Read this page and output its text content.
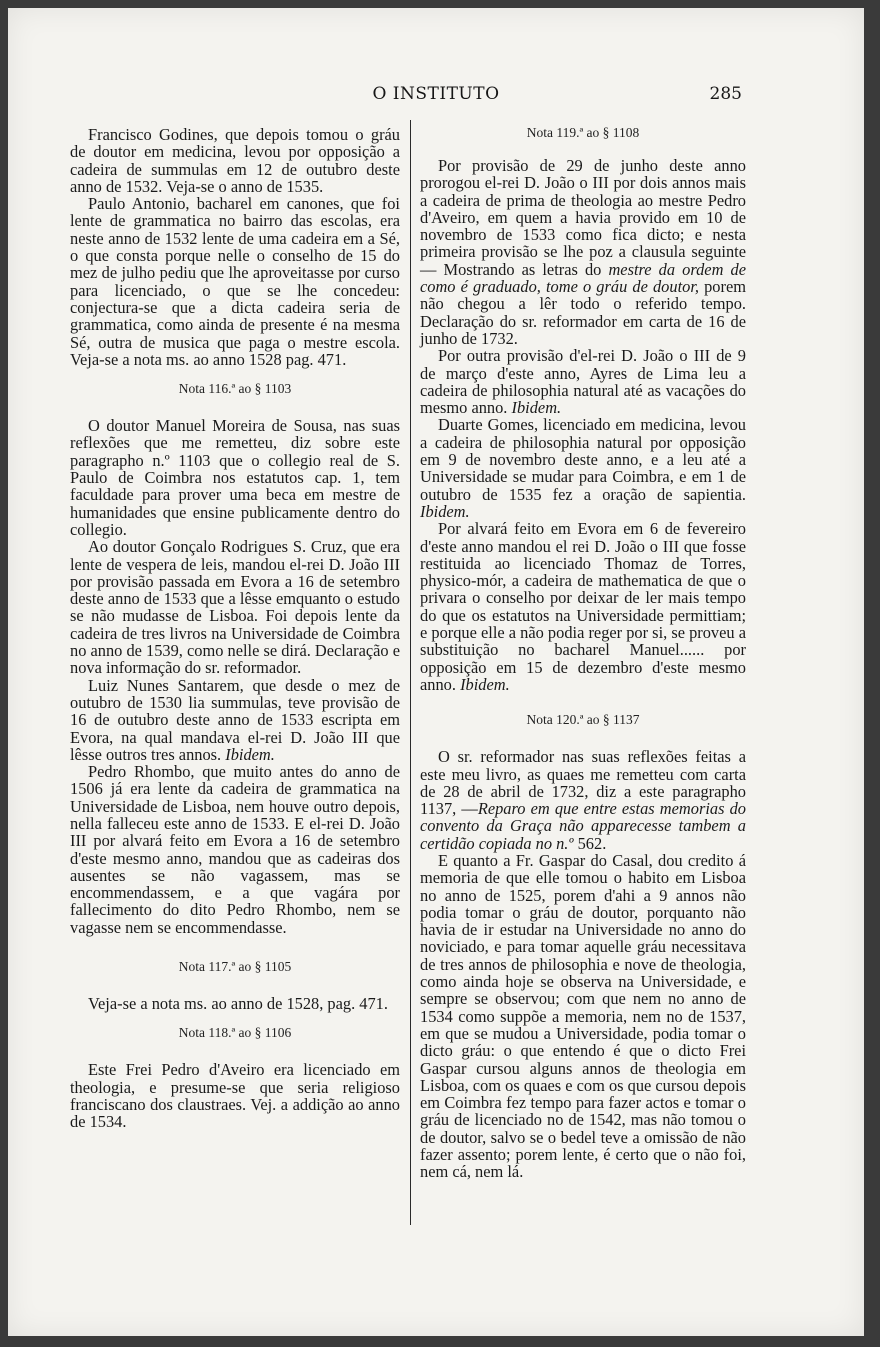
O INSTITUTO	285

Francisco Godines, que depois tomou o gráu de doutor em medicina, levou por opposição a cadeira de summulas em 12 de outubro deste anno de 1532. Veja-se o anno de 1535.

Paulo Antonio, bacharel em canones, que foi lente de grammatica no bairro das escolas, era neste anno de 1532 lente de uma cadeira em a Sé, o que consta porque nelle o conselho de 15 do mez de julho pediu que lhe aproveitasse por curso para licenciado, o que se lhe concedeu: conjectura-se que a dicta cadeira seria de grammatica, como ainda de presente é na mesma Sé, outra de musica que paga o mestre escola. Veja-se a nota ms. ao anno 1528 pag. 471.

Nota 116.ª ao § 1103

O doutor Manuel Moreira de Sousa, nas suas reflexões que me remetteu, diz sobre este paragrapho n.º 1103 que o collegio real de S. Paulo de Coimbra nos estatutos cap. 1, tem faculdade para prover uma beca em mestre de humanidades que ensine publicamente dentro do collegio.

Ao doutor Gonçalo Rodrigues S. Cruz, que era lente de vespera de leis, mandou el-rei D. João III por provisão passada em Evora a 16 de setembro deste anno de 1533 que a lêsse emquanto o estudo se não mudasse de Lisboa. Foi depois lente da cadeira de tres livros na Universidade de Coimbra no anno de 1539, como nelle se dirá. Declaração e nova informação do sr. reformador.

Luiz Nunes Santarem, que desde o mez de outubro de 1530 lia summulas, teve provisão de 16 de outubro deste anno de 1533 escripta em Evora, na qual mandava el-rei D. João III que lêsse outros tres annos. Ibidem.

Pedro Rhombo, que muito antes do anno de 1506 já era lente da cadeira de grammatica na Universidade de Lisboa, nem houve outro depois, nella falleceu este anno de 1533. E el-rei D. João III por alvará feito em Evora a 16 de setembro d'este mesmo anno, mandou que as cadeiras dos ausentes se não vagassem, mas se encommendassem, e a que vagára por fallecimento do dito Pedro Rhombo, nem se vagasse nem se encommendasse.

Nota 117.ª ao § 1105

Veja-se a nota ms. ao anno de 1528, pag. 471.

Nota 118.ª ao § 1106

Este Frei Pedro d'Aveiro era licenciado em theologia, e presume-se que seria religioso franciscano dos claustraes. Vej. a addição ao anno de 1534.

Nota 119.ª ao § 1108

Por provisão de 29 de junho deste anno prorogou el-rei D. João o III por dois annos mais a cadeira de prima de theologia ao mestre Pedro d'Aveiro, em quem a havia provido em 10 de novembro de 1533 como fica dicto; e nesta primeira provisão se lhe poz a clausula seguinte — Mostrando as letras do mestre da ordem de como é graduado, tome o gráu de doutor, porem não chegou a lêr todo o referido tempo. Declaração do sr. reformador em carta de 16 de junho de 1732.

Por outra provisão d'el-rei D. João o III de 9 de março d'este anno, Ayres de Lima leu a cadeira de philosophia natural até as vacações do mesmo anno. Ibidem.

Duarte Gomes, licenciado em medicina, levou a cadeira de philosophia natural por opposição em 9 de novembro deste anno, e a leu até a Universidade se mudar para Coimbra, e em 1 de outubro de 1535 fez a oração de sapientia. Ibidem.

Por alvará feito em Evora em 6 de fevereiro d'este anno mandou el rei D. João o III que fosse restituida ao licenciado Thomaz de Torres, physico-mór, a cadeira de mathematica de que o privara o conselho por deixar de ler mais tempo do que os estatutos na Universidade permittiam; e porque elle a não podia reger por si, se proveu a substituição no bacharel Manuel...... por opposição em 15 de dezembro d'este mesmo anno. Ibidem.

Nota 120.ª ao § 1137

O sr. reformador nas suas reflexões feitas a este meu livro, as quaes me remetteu com carta de 28 de abril de 1732, diz a este paragrapho 1137, —Reparo em que entre estas memorias do convento da Graça não apparecesse tambem a certidão copiada no n.º 562.

E quanto a Fr. Gaspar do Casal, dou credito á memoria de que elle tomou o habito em Lisboa no anno de 1525, porem d'ahi a 9 annos não podia tomar o gráu de doutor, porquanto não havia de ir estudar na Universidade no anno do noviciado, e para tomar aquelle gráu necessitava de tres annos de philosophia e nove de theologia, como ainda hoje se observa na Universidade, e sempre se observou; com que nem no anno de 1534 como suppõe a memoria, nem no de 1537, em que se mudou a Universidade, podia tomar o dicto gráu: o que entendo é que o dicto Frei Gaspar cursou alguns annos de theologia em Lisboa, com os quaes e com os que cursou depois em Coimbra fez tempo para fazer actos e tomar o gráu de licenciado no de 1542, mas não tomou o de doutor, salvo se o bedel teve a omissão de não fazer assento; porem lente, é certo que o não foi, nem cá, nem lá.
